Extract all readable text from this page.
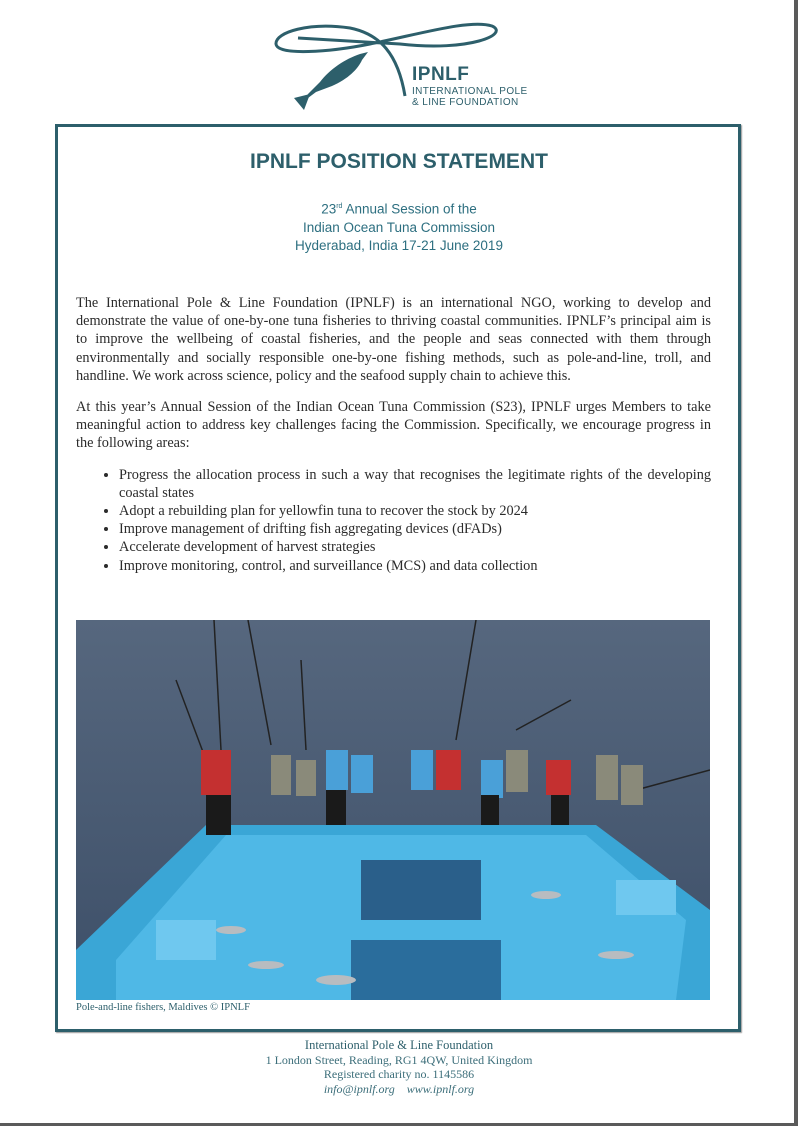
IPNLF
INTERNATIONAL POLE
& LINE FOUNDATION
IPNLF POSITION STATEMENT
23rd Annual Session of the
Indian Ocean Tuna Commission
Hyderabad, India 17-21 June 2019

The International Pole & Line Foundation (IPNLF) is an international NGO, working to develop and demonstrate the value of one-by-one tuna fisheries to thriving coastal communities. IPNLF’s principal aim is to improve the wellbeing of coastal fisheries, and the people and seas connected with them through environmentally and socially responsible one-by-one fishing methods, such as pole-and-line, troll, and handline. We work across science, policy and the seafood supply chain to achieve this.

At this year’s Annual Session of the Indian Ocean Tuna Commission (S23), IPNLF urges Members to take meaningful action to address key challenges facing the Commission. Specifically, we encourage progress in the following areas:

• Progress the allocation process in such a way that recognises the legitimate rights of the developing coastal states
• Adopt a rebuilding plan for yellowfin tuna to recover the stock by 2024
• Improve management of drifting fish aggregating devices (dFADs)
• Accelerate development of harvest strategies
• Improve monitoring, control, and surveillance (MCS) and data collection
Pole-and-line fishers, Maldives © IPNLF
International Pole & Line Foundation
1 London Street, Reading, RG1 4QW, United Kingdom
Registered charity no. 1145586
info@ipnlf.org www.ipnlf.org
